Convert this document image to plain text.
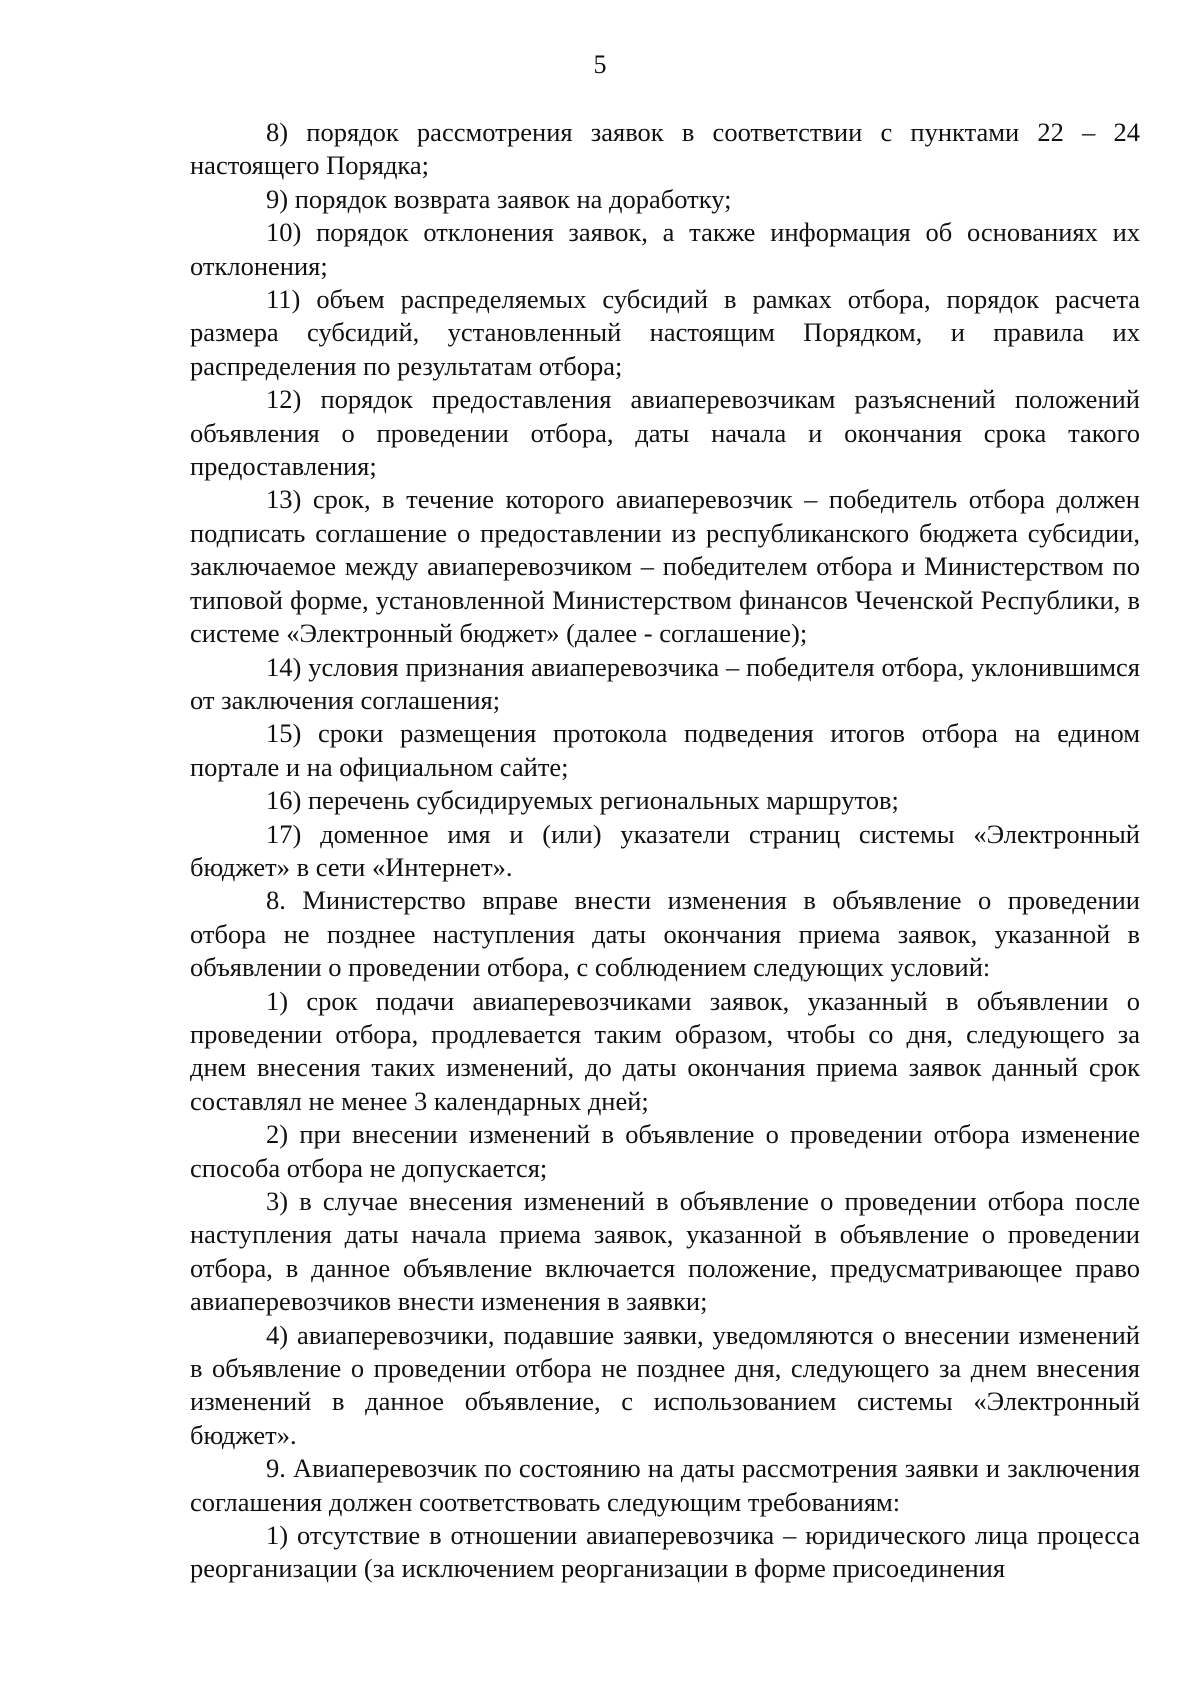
5

8) порядок рассмотрения заявок в соответствии с пунктами 22 – 24 настоящего Порядка;

9) порядок возврата заявок на доработку;

10) порядок отклонения заявок, а также информация об основаниях их отклонения;

11) объем распределяемых субсидий в рамках отбора, порядок расчета размера субсидий, установленный настоящим Порядком, и правила их распределения по результатам отбора;

12) порядок предоставления авиаперевозчикам разъяснений положений объявления о проведении отбора, даты начала и окончания срока такого предоставления;

13) срок, в течение которого авиаперевозчик – победитель отбора должен подписать соглашение о предоставлении из республиканского бюджета субсидии, заключаемое между авиаперевозчиком – победителем отбора и Министерством по типовой форме, установленной Министерством финансов Чеченской Республики, в системе «Электронный бюджет» (далее - соглашение);

14) условия признания авиаперевозчика – победителя отбора, уклонившимся от заключения соглашения;

15) сроки размещения протокола подведения итогов отбора на едином портале и на официальном сайте;

16) перечень субсидируемых региональных маршрутов;

17) доменное имя и (или) указатели страниц системы «Электронный бюджет» в сети «Интернет».

8. Министерство вправе внести изменения в объявление о проведении отбора не позднее наступления даты окончания приема заявок, указанной в объявлении о проведении отбора, с соблюдением следующих условий:

1) срок подачи авиаперевозчиками заявок, указанный в объявлении о проведении отбора, продлевается таким образом, чтобы со дня, следующего за днем внесения таких изменений, до даты окончания приема заявок данный срок составлял не менее 3 календарных дней;

2) при внесении изменений в объявление о проведении отбора изменение способа отбора не допускается;

3) в случае внесения изменений в объявление о проведении отбора после наступления даты начала приема заявок, указанной в объявление о проведении отбора, в данное объявление включается положение, предусматривающее право авиаперевозчиков внести изменения в заявки;

4) авиаперевозчики, подавшие заявки, уведомляются о внесении изменений в объявление о проведении отбора не позднее дня, следующего за днем внесения изменений в данное объявление, с использованием системы «Электронный бюджет».

9. Авиаперевозчик по состоянию на даты рассмотрения заявки и заключения соглашения должен соответствовать следующим требованиям:

1) отсутствие в отношении авиаперевозчика – юридического лица процесса реорганизации (за исключением реорганизации в форме присоединения
